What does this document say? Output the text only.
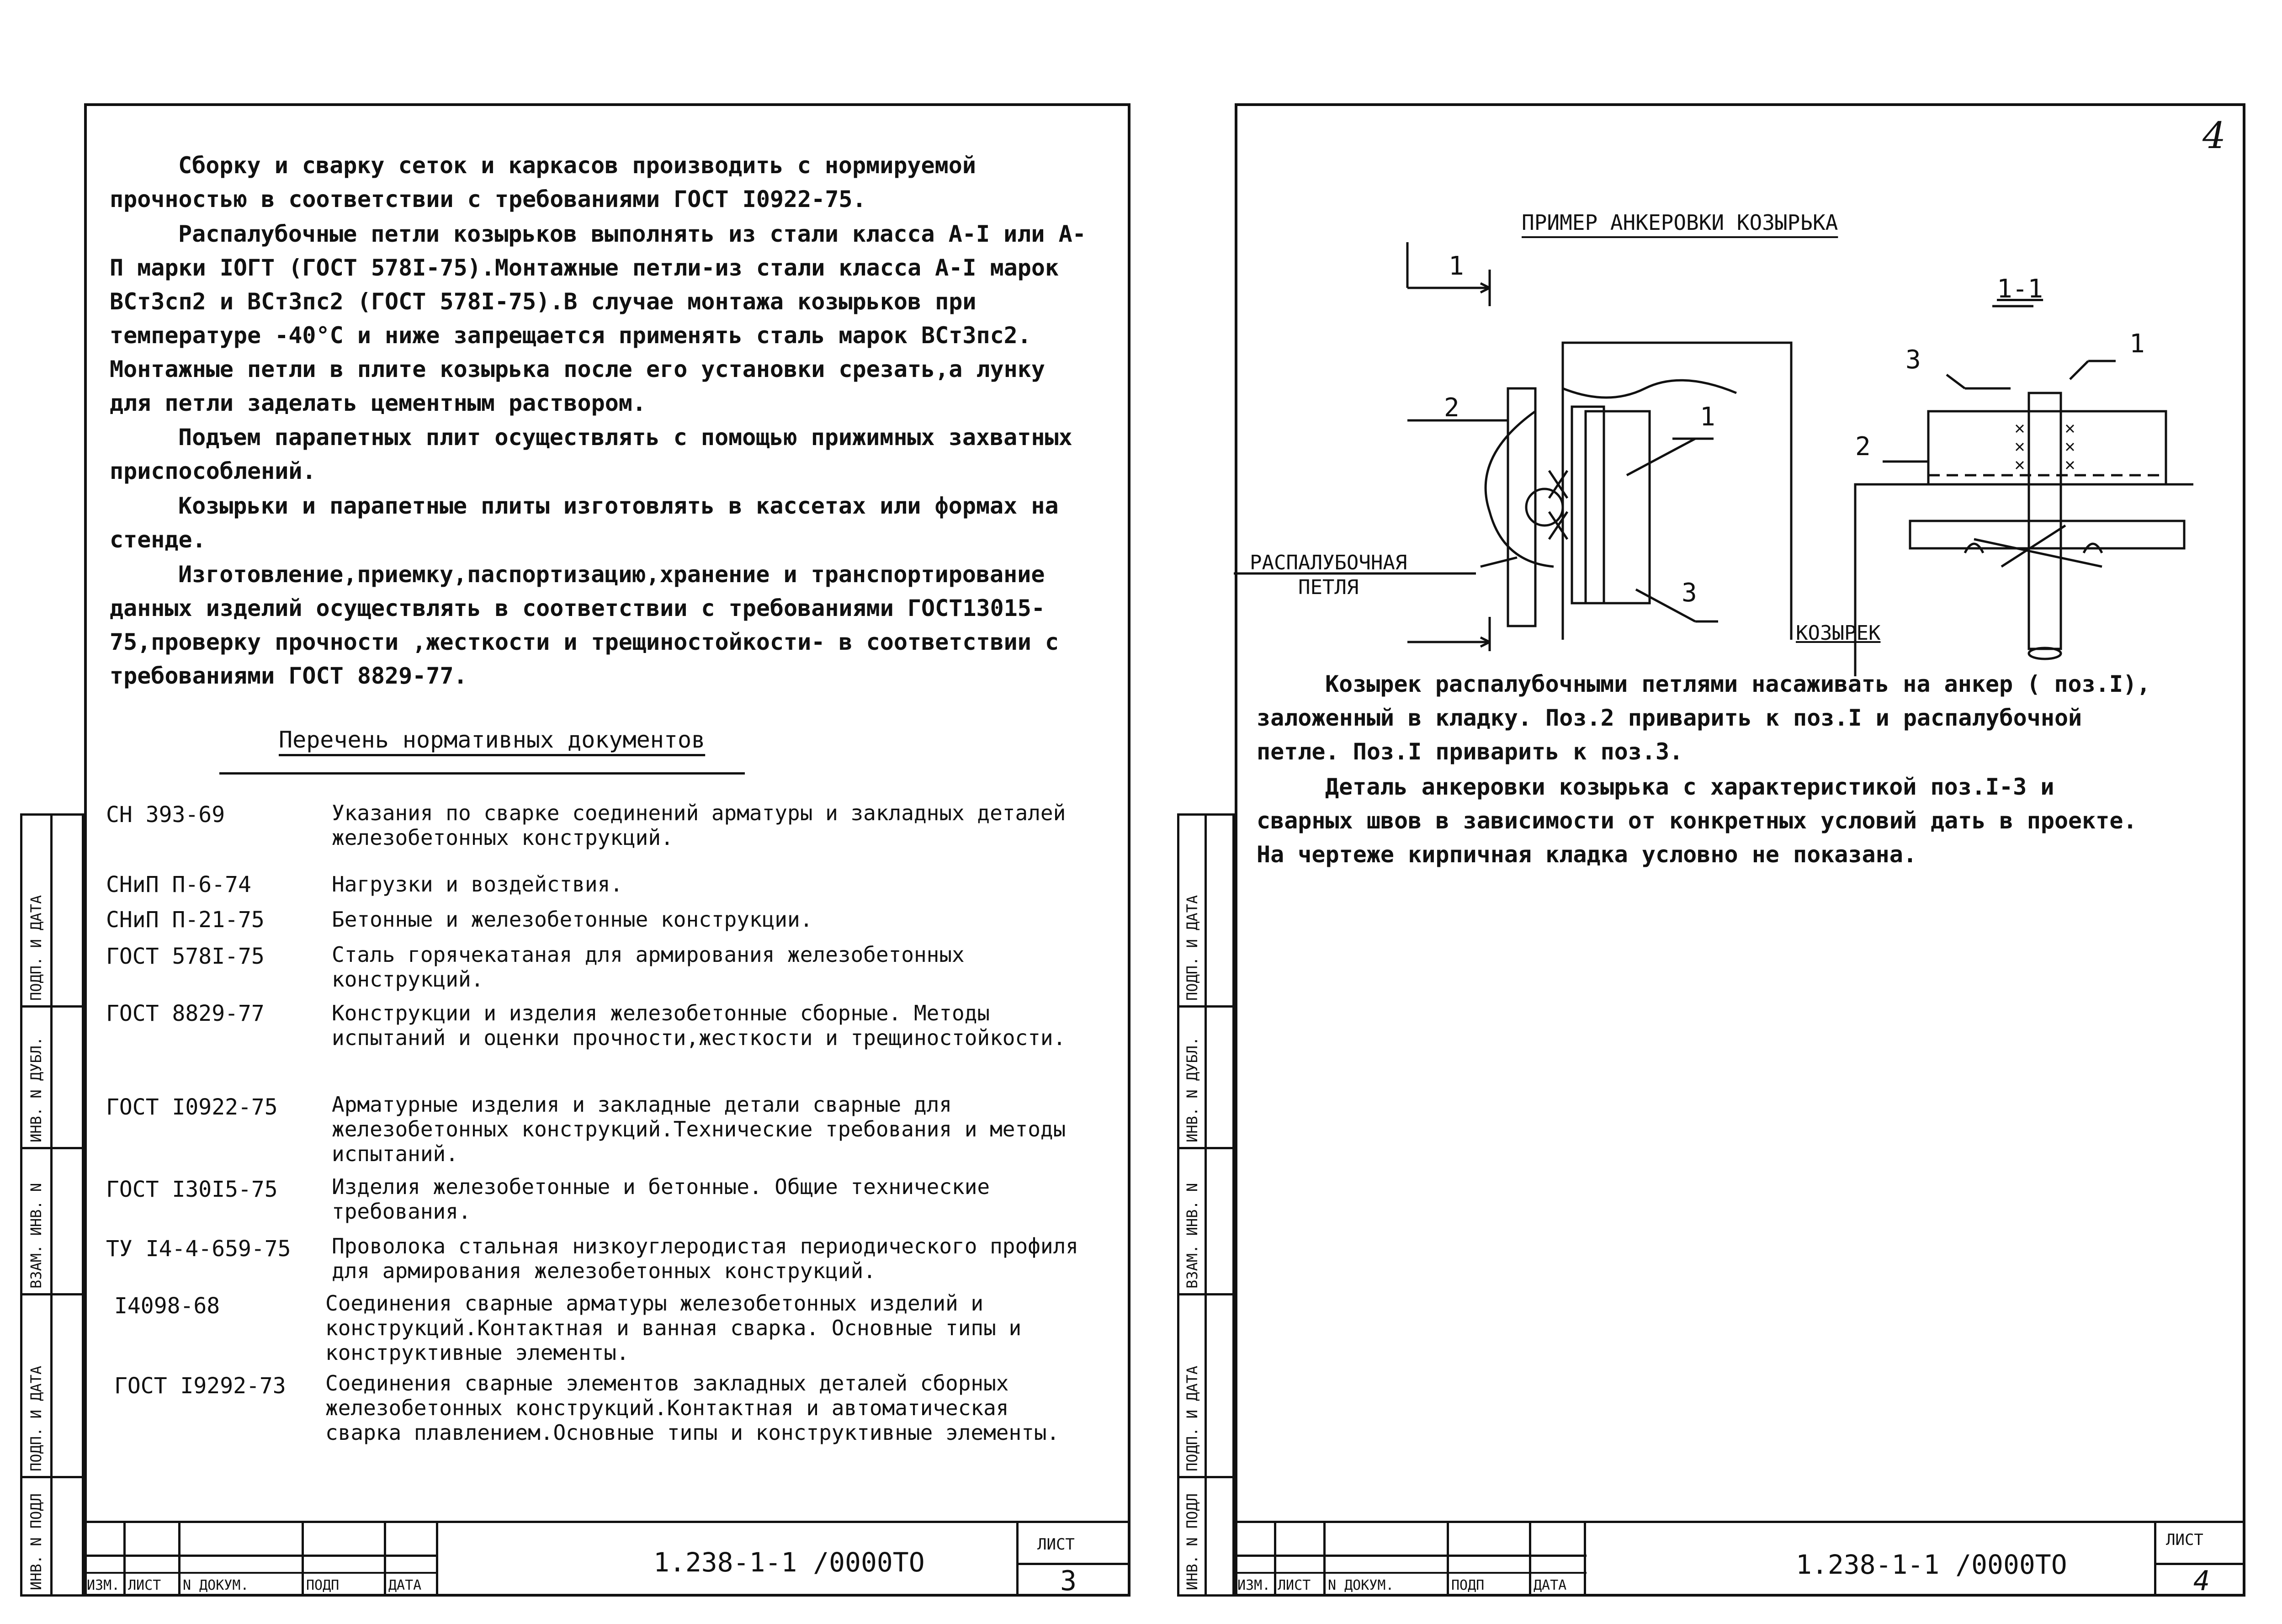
Сборку и сварку сеток и каркасов производить с нормируемой прочностью в соответствии с требованиями ГОСТ I0922-75.
Распалубочные петли козырьков выполнять из стали класса А-I или А-П марки IОГТ (ГОСТ 578I-75).Монтажные петли-из стали класса А-I марок ВСт3сп2 и ВСт3пс2 (ГОСТ 578I-75).В случае монтажа козырьков при температуре -40°С и ниже запрещается применять сталь марок ВСт3пс2. Монтажные петли в плите козырька после его установки срезать,а лунку для петли заделать цементным раствором.
Подъем парапетных плит осуществлять с помощью прижимных захватных приспособлений.
Козырьки и парапетные плиты изготовлять в кассетах или формах на стенде.
Изготовление,приемку,паспортизацию,хранение и транспортирование данных изделий осуществлять в соответствии с требованиями ГОСТ13015-75,проверку прочности ,жесткости и трещиностойкости- в соответствии с требованиями ГОСТ 8829-77.
Перечень нормативных документов
СН 393-69	Указания по сварке соединений арматуры и закладных деталей железобетонных конструкций.
СНиП П-6-74	Нагрузки и воздействия.
СНиП П-21-75	Бетонные и железобетонные конструкции.
ГОСТ 578I-75	Сталь горячекатаная для армирования железобетонных конструкций.
ГОСТ 8829-77	Конструкции и изделия железобетонные сборные. Методы испытаний и оценки прочности,жесткости и трещиностойкости.
ГОСТ I0922-75	Арматурные изделия и закладные детали сварные для железобетонных конструкций.Технические требования и методы испытаний.
ГОСТ I30I5-75	Изделия железобетонные и бетонные. Общие технические требования.
ТУ I4-4-659-75 Проволока стальная низкоуглеродистая периодического профиля для армирования железобетонных конструкций.
I4098-68	Соединения сварные арматуры железобетонных изделий и конструкций.Контактная и ванная сварка. Основные типы и конструктивные элементы.
ГОСТ I9292-73 Соединения сварные элементов закладных деталей сборных железобетонных конструкций.Контактная и автоматическая сварка плавлением.Основные типы и конструктивные элементы.
ПОДП. И ДАТА
ИНВ. N ДУБЛ.
ВЗАМ. ИНВ. N
ПОДП. И ДАТА
ИНВ. N ПОДЛ	ИЗМ. ЛИСТ N ДОКУМ.	ПОДП	ДАТА
1.238-1-1 /0000ТО
ЛИСТ
3
4
ПРИМЕР АНКЕРОВКИ КОЗЫРЬКА
1
1-1
2	1
3
3
1
2
РАСПАЛУБОЧНАЯ
ПЕТЛЯ
КОЗЫРЕК
Козырек распалубочными петлями насаживать на анкер ( поз.I), заложенный в кладку. Поз.2 приварить к поз.I и распалубочной петле. Поз.I приварить к поз.3.
Деталь анкеровки козырька с характеристикой поз.I-3 и сварных швов в зависимости от конкретных условий дать в проекте. На чертеже кирпичная кладка условно не показана.
ПОДП. И ДАТА
ИНВ. N ДУБЛ.
ВЗАМ. ИНВ. N
ПОДП. И ДАТА
ИНВ. N ПОДЛ	ИЗМ. ЛИСТ N ДОКУМ.	ПОДП	ДАТА
1.238-1-1 /0000ТО
ЛИСТ
4
